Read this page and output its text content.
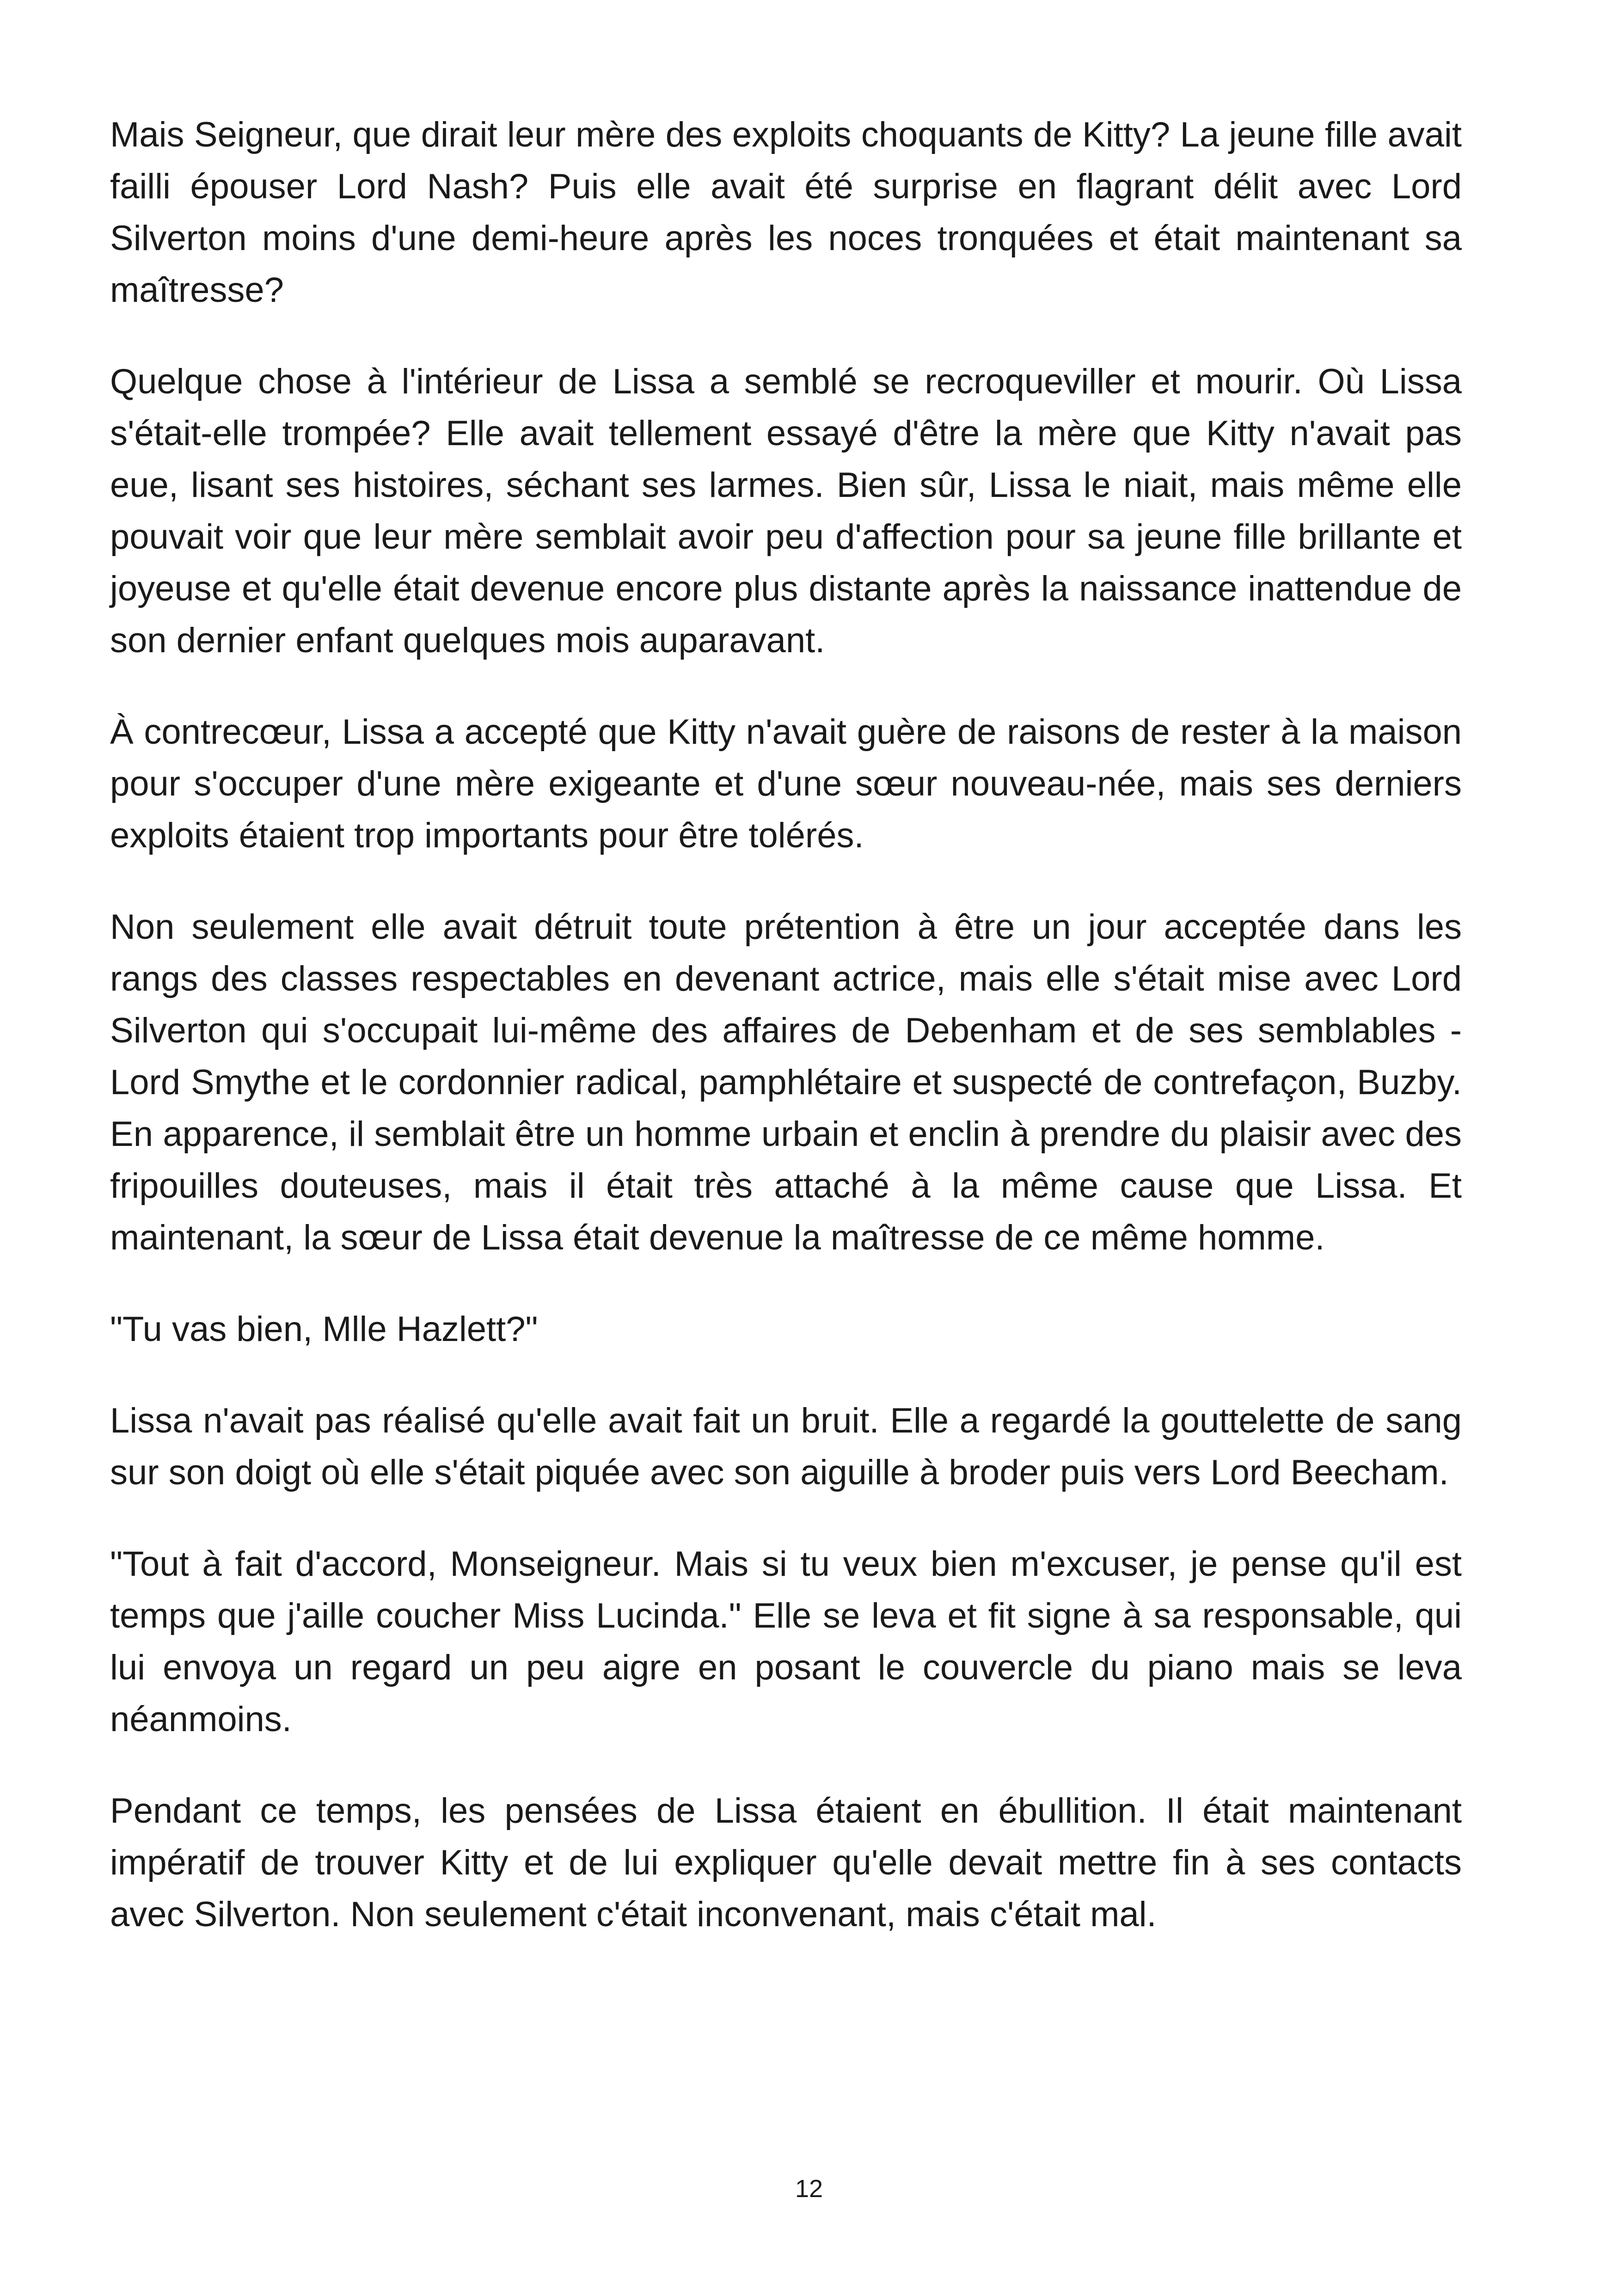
Mais Seigneur, que dirait leur mère des exploits choquants de Kitty? La jeune fille avait failli épouser Lord Nash? Puis elle avait été surprise en flagrant délit avec Lord Silverton moins d'une demi-heure après les noces tronquées et était maintenant sa maîtresse?

Quelque chose à l'intérieur de Lissa a semblé se recroqueviller et mourir. Où Lissa s'était-elle trompée? Elle avait tellement essayé d'être la mère que Kitty n'avait pas eue, lisant ses histoires, séchant ses larmes. Bien sûr, Lissa le niait, mais même elle pouvait voir que leur mère semblait avoir peu d'affection pour sa jeune fille brillante et joyeuse et qu'elle était devenue encore plus distante après la naissance inattendue de son dernier enfant quelques mois auparavant.

À contrecœur, Lissa a accepté que Kitty n'avait guère de raisons de rester à la maison pour s'occuper d'une mère exigeante et d'une sœur nouveau-née, mais ses derniers exploits étaient trop importants pour être tolérés.

Non seulement elle avait détruit toute prétention à être un jour acceptée dans les rangs des classes respectables en devenant actrice, mais elle s'était mise avec Lord Silverton qui s'occupait lui-même des affaires de Debenham et de ses semblables - Lord Smythe et le cordonnier radical, pamphlétaire et suspecté de contrefaçon, Buzby. En apparence, il semblait être un homme urbain et enclin à prendre du plaisir avec des fripouilles douteuses, mais il était très attaché à la même cause que Lissa. Et maintenant, la sœur de Lissa était devenue la maîtresse de ce même homme.

"Tu vas bien, Mlle Hazlett?"

Lissa n'avait pas réalisé qu'elle avait fait un bruit. Elle a regardé la gouttelette de sang sur son doigt où elle s'était piquée avec son aiguille à broder puis vers Lord Beecham.

"Tout à fait d'accord, Monseigneur. Mais si tu veux bien m'excuser, je pense qu'il est temps que j'aille coucher Miss Lucinda." Elle se leva et fit signe à sa responsable, qui lui envoya un regard un peu aigre en posant le couvercle du piano mais se leva néanmoins.

Pendant ce temps, les pensées de Lissa étaient en ébullition. Il était maintenant impératif de trouver Kitty et de lui expliquer qu'elle devait mettre fin à ses contacts avec Silverton. Non seulement c'était inconvenant, mais c'était mal.

12
